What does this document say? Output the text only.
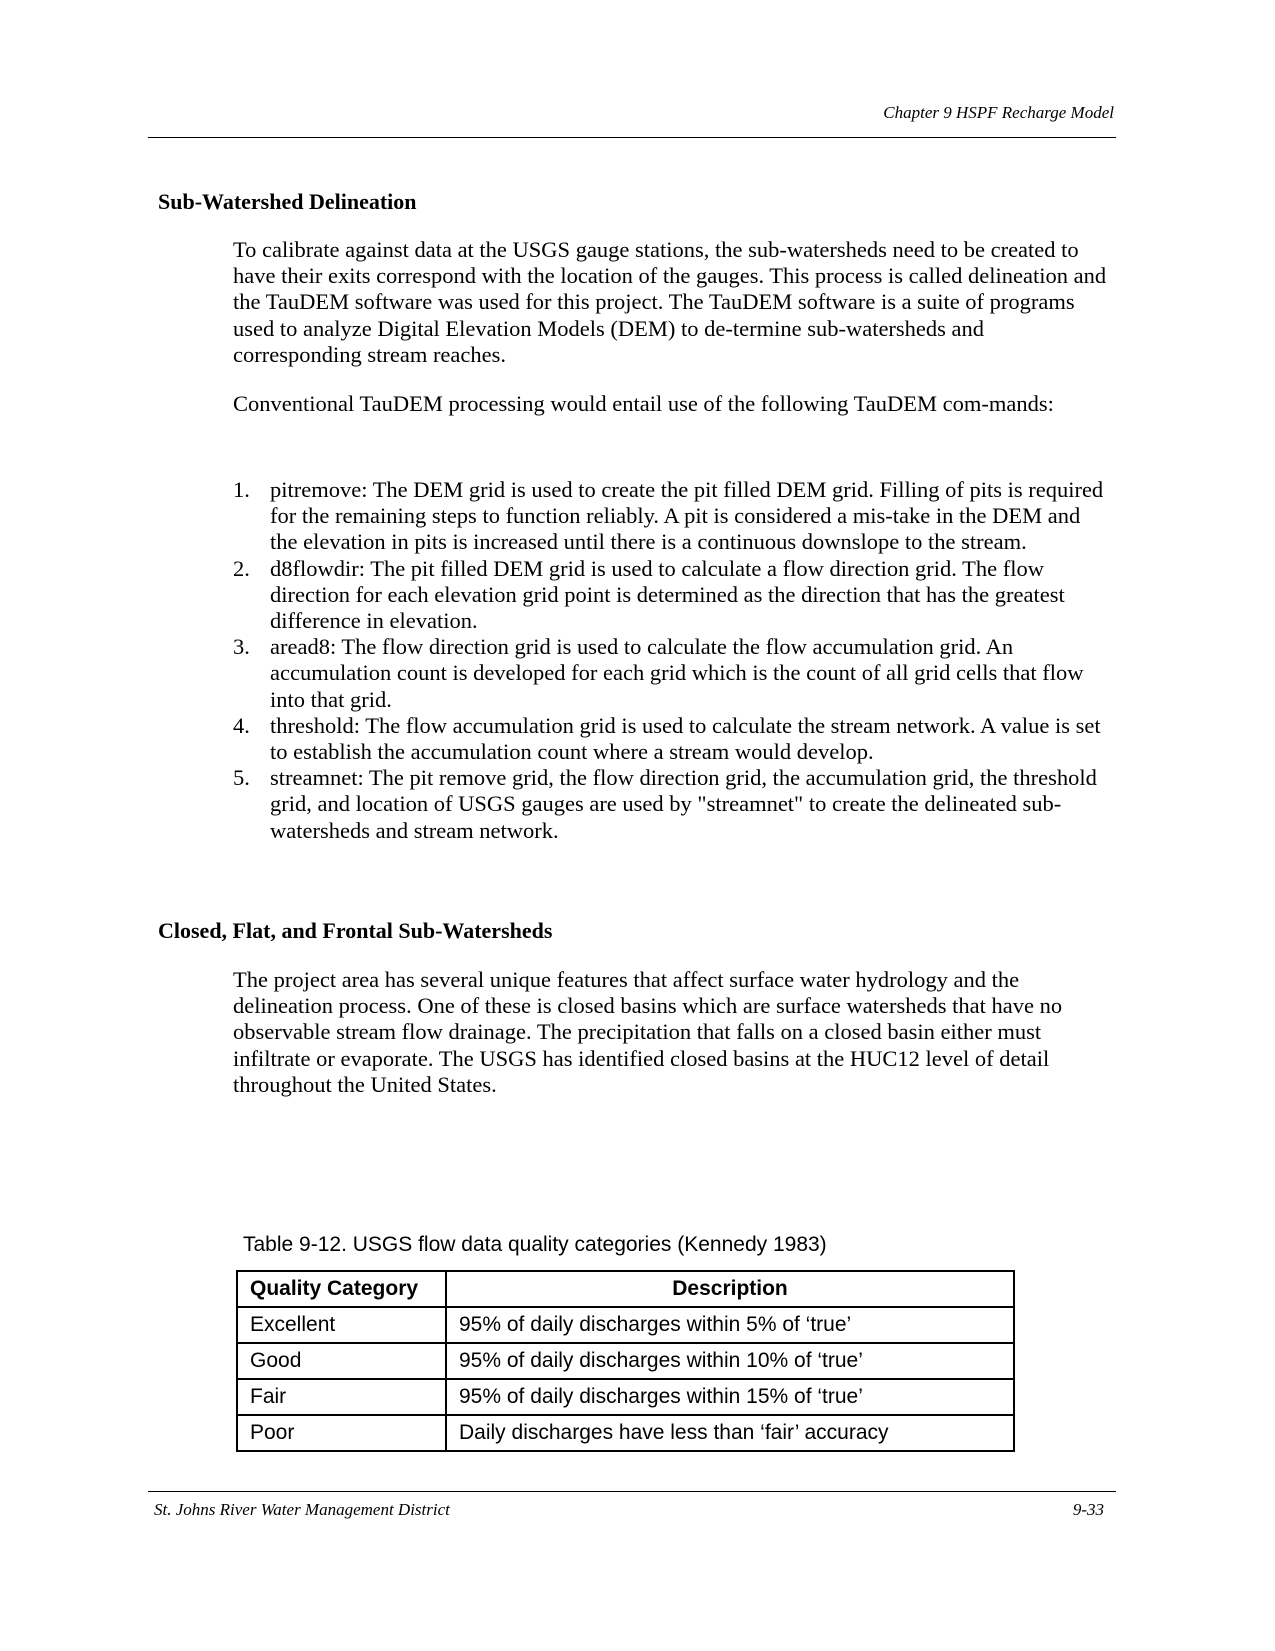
Chapter 9 HSPF Recharge Model
Sub-Watershed Delineation

To calibrate against data at the USGS gauge stations, the sub-watersheds need to be created to have their exits correspond with the location of the gauges. This process is called delineation and the TauDEM software was used for this project. The TauDEM software is a suite of programs used to analyze Digital Elevation Models (DEM) to de-termine sub-watersheds and corresponding stream reaches.

Conventional TauDEM processing would entail use of the following TauDEM com-mands:

1. pitremove: The DEM grid is used to create the pit filled DEM grid. Filling of pits is required for the remaining steps to function reliably. A pit is considered a mis-take in the DEM and the elevation in pits is increased until there is a continuous downslope to the stream.
2. d8flowdir: The pit filled DEM grid is used to calculate a flow direction grid. The flow direction for each elevation grid point is determined as the direction that has the greatest difference in elevation.
3. aread8: The flow direction grid is used to calculate the flow accumulation grid. An accumulation count is developed for each grid which is the count of all grid cells that flow into that grid.
4. threshold: The flow accumulation grid is used to calculate the stream network. A value is set to establish the accumulation count where a stream would develop.
5. streamnet: The pit remove grid, the flow direction grid, the accumulation grid, the threshold grid, and location of USGS gauges are used by "streamnet" to create the delineated sub-watersheds and stream network.
Closed, Flat, and Frontal Sub-Watersheds

The project area has several unique features that affect surface water hydrology and the delineation process. One of these is closed basins which are surface watersheds that have no observable stream flow drainage. The precipitation that falls on a closed basin either must infiltrate or evaporate. The USGS has identified closed basins at the HUC12 level of detail throughout the United States.

Table 9-12. USGS flow data quality categories (Kennedy 1983)
Quality Category	Description
Excellent	95% of daily discharges within 5% of ‘true’
Good	95% of daily discharges within 10% of ‘true’
Fair	95% of daily discharges within 15% of ‘true’
Poor	Daily discharges have less than ‘fair’ accuracy
St. Johns River Water Management District	9-33
